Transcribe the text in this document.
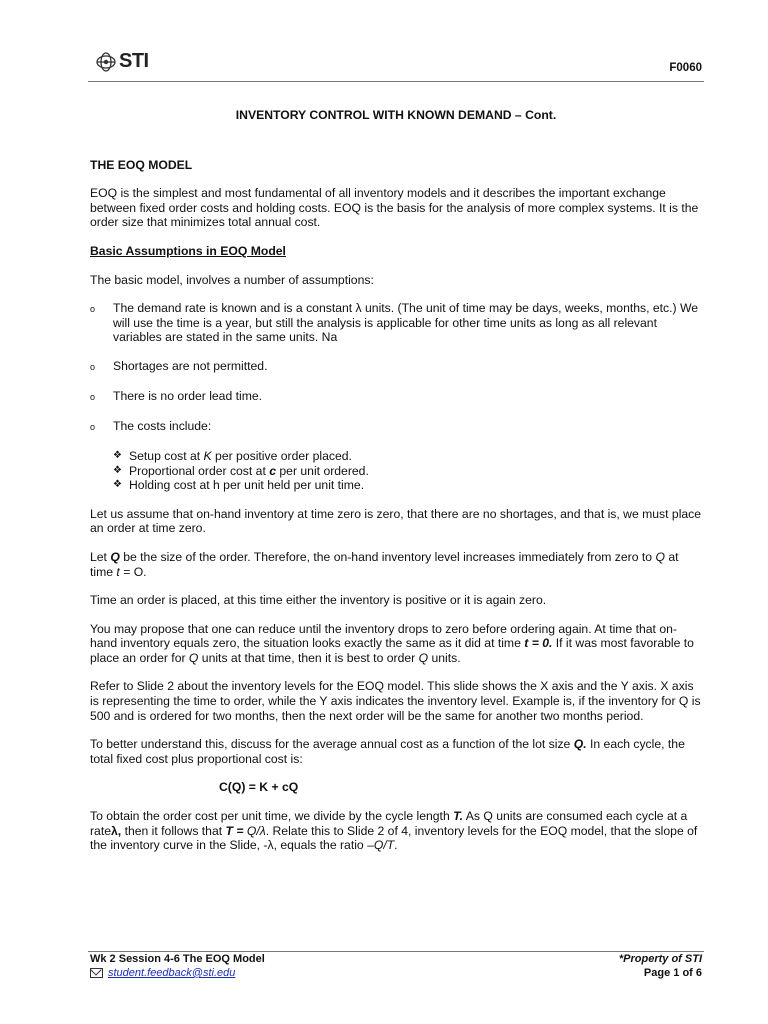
STI	F0060
INVENTORY CONTROL WITH KNOWN DEMAND – Cont.
THE EOQ MODEL

EOQ is the simplest and most fundamental of all inventory models and it describes the important exchange between fixed order costs and holding costs. EOQ is the basis for the analysis of more complex systems. It is the order size that minimizes total annual cost.

Basic Assumptions in EOQ Model

The basic model, involves a number of assumptions:

o	The demand rate is known and is a constant λ units. (The unit of time may be days, weeks, months, etc.) We will use the time is a year, but still the analysis is applicable for other time units as long as all relevant variables are stated in the same units. Na
o	Shortages are not permitted.
o	There is no order lead time.
o	The costs include:
❖ Setup cost at K per positive order placed.
❖ Proportional order cost at c per unit ordered.
❖ Holding cost at h per unit held per unit time.

Let us assume that on-hand inventory at time zero is zero, that there are no shortages, and that is, we must place an order at time zero.

Let Q be the size of the order. Therefore, the on-hand inventory level increases immediately from zero to Q at time t = O.

Time an order is placed, at this time either the inventory is positive or it is again zero.

You may propose that one can reduce until the inventory drops to zero before ordering again. At time that on-hand inventory equals zero, the situation looks exactly the same as it did at time t = 0. If it was most favorable to place an order for Q units at that time, then it is best to order Q units.

Refer to Slide 2 about the inventory levels for the EOQ model. This slide shows the X axis and the Y axis. X axis is representing the time to order, while the Y axis indicates the inventory level. Example is, if the inventory for Q is 500 and is ordered for two months, then the next order will be the same for another two months period.

To better understand this, discuss for the average annual cost as a function of the lot size Q. In each cycle, the total fixed cost plus proportional cost is:

C(Q) = K + cQ

To obtain the order cost per unit time, we divide by the cycle length T. As Q units are consumed each cycle at a rateλ, then it follows that T = Q/λ. Relate this to Slide 2 of 4, inventory levels for the EOQ model, that the slope of the inventory curve in the Slide, -λ, equals the ratio –Q/T.

Wk 2 Session 4-6 The EOQ Model
student.feedback@sti.edu
*Property of STI
Page 1 of 6
